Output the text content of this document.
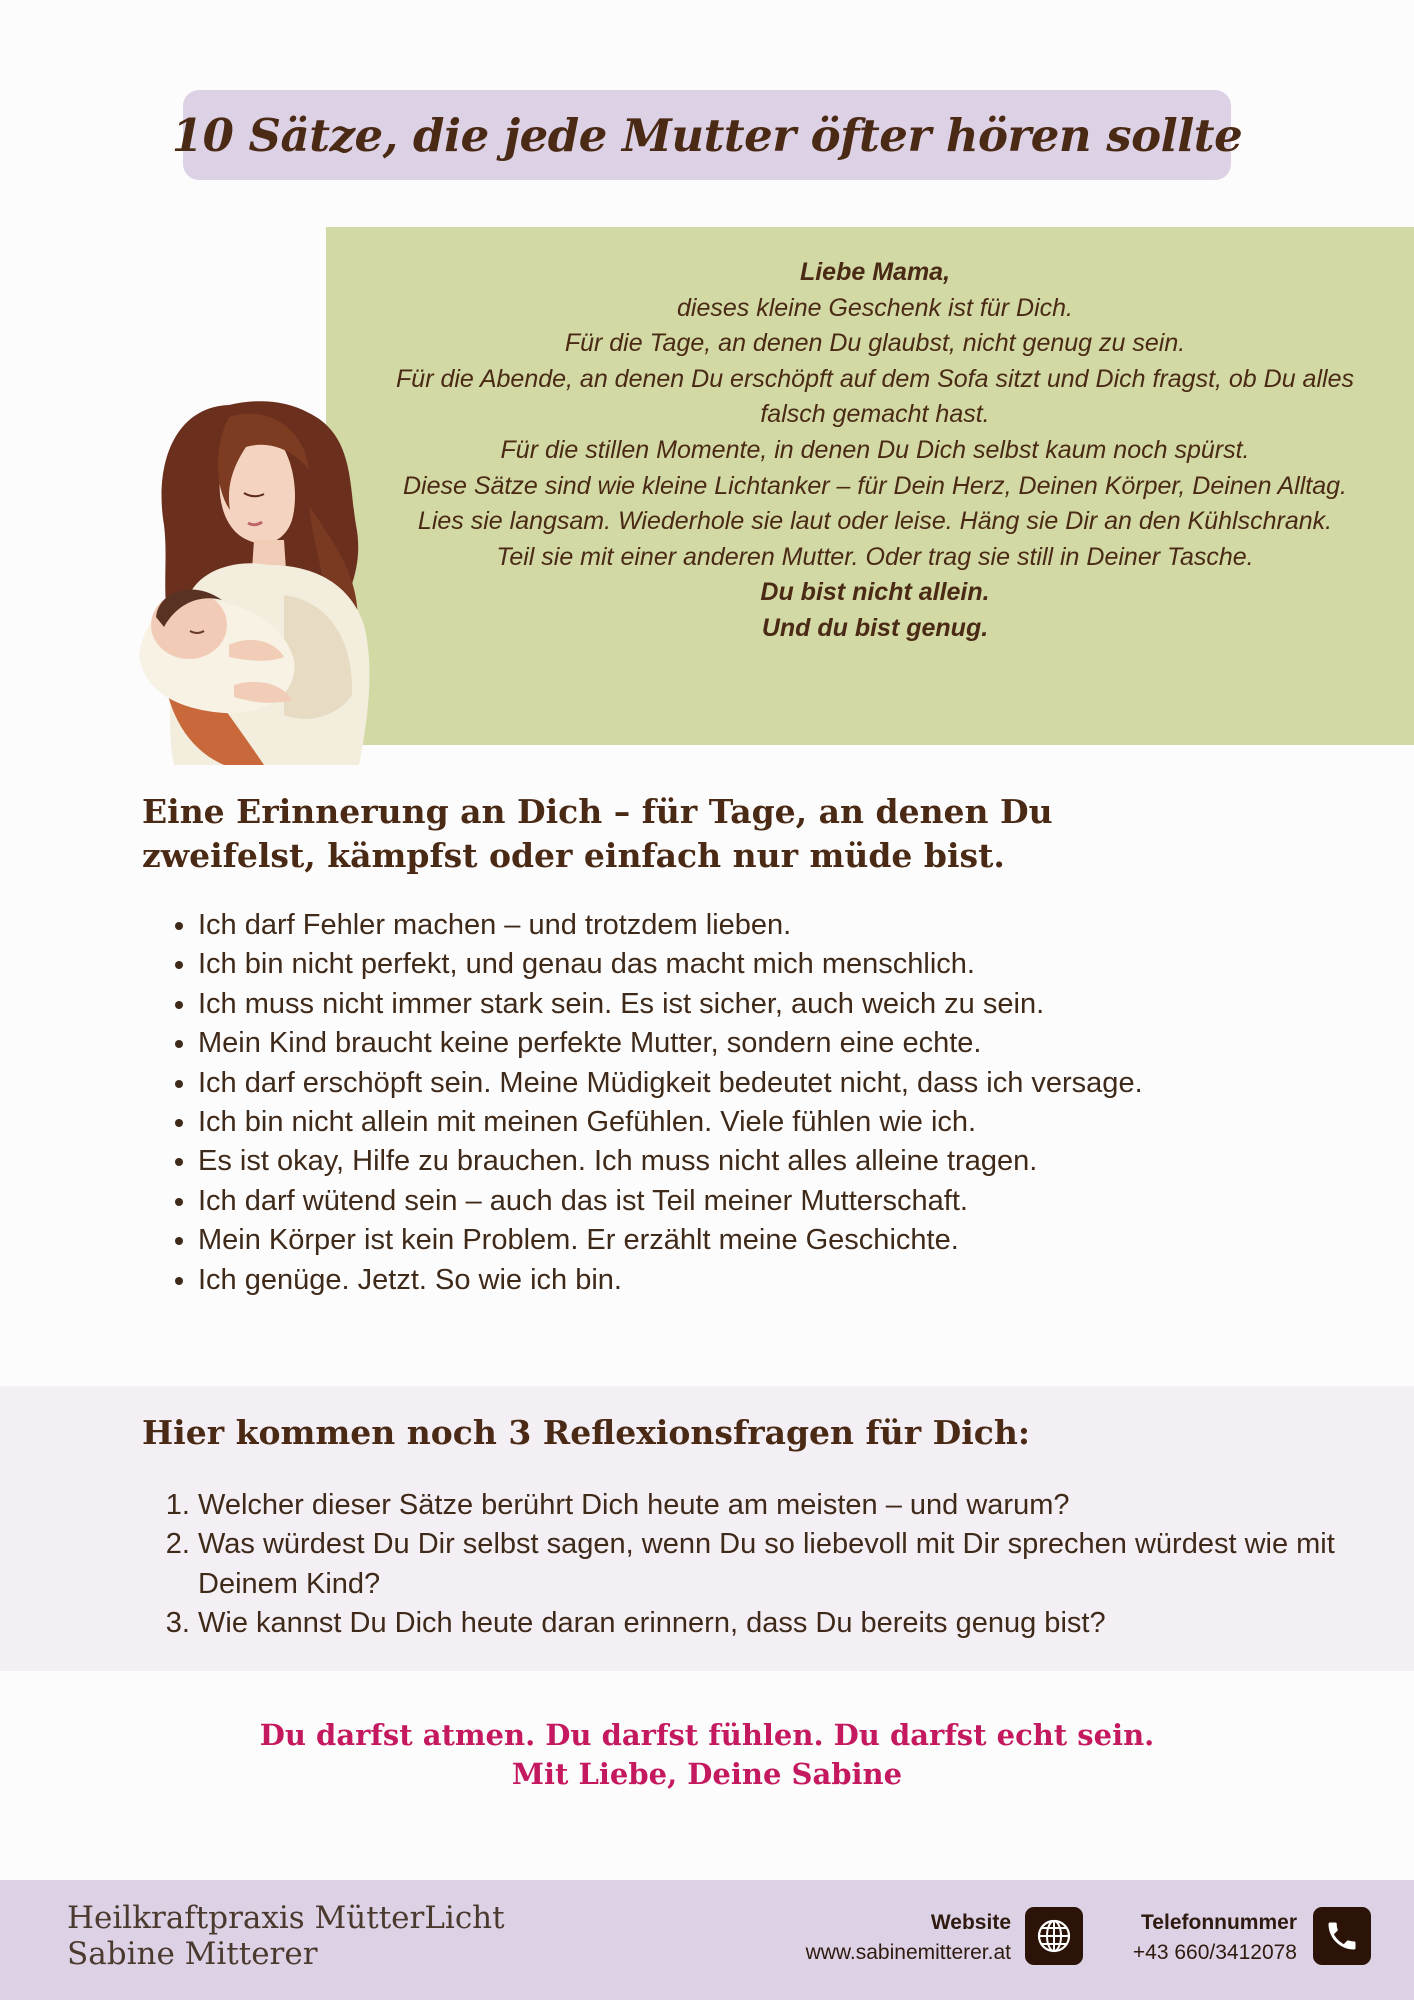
10 Sätze, die jede Mutter öfter hören sollte

Liebe Mama,

dieses kleine Geschenk ist für Dich.

Für die Tage, an denen Du glaubst, nicht genug zu sein.

Für die Abende, an denen Du erschöpft auf dem Sofa sitzt und Dich fragst, ob Du alles falsch gemacht hast.

Für die stillen Momente, in denen Du Dich selbst kaum noch spürst.

Diese Sätze sind wie kleine Lichtanker – für Dein Herz, Deinen Körper, Deinen Alltag.

Lies sie langsam. Wiederhole sie laut oder leise. Häng sie Dir an den Kühlschrank.

Teil sie mit einer anderen Mutter. Oder trag sie still in Deiner Tasche.

Du bist nicht allein.

Und du bist genug.

Eine Erinnerung an Dich – für Tage, an denen Du zweifelst, kämpfst oder einfach nur müde bist.
• Ich darf Fehler machen – und trotzdem lieben.
• Ich bin nicht perfekt, und genau das macht mich menschlich.
• Ich muss nicht immer stark sein. Es ist sicher, auch weich zu sein.
• Mein Kind braucht keine perfekte Mutter, sondern eine echte.
• Ich darf erschöpft sein. Meine Müdigkeit bedeutet nicht, dass ich versage.
• Ich bin nicht allein mit meinen Gefühlen. Viele fühlen wie ich.
• Es ist okay, Hilfe zu brauchen. Ich muss nicht alles alleine tragen.
• Ich darf wütend sein – auch das ist Teil meiner Mutterschaft.
• Mein Körper ist kein Problem. Er erzählt meine Geschichte.
• Ich genüge. Jetzt. So wie ich bin.
Hier kommen noch 3 Reflexionsfragen für Dich:
1. Welcher dieser Sätze berührt Dich heute am meisten – und warum?
2. Was würdest Du Dir selbst sagen, wenn Du so liebevoll mit Dir sprechen würdest wie mit Deinem Kind?
3. Wie kannst Du Dich heute daran erinnern, dass Du bereits genug bist?
Du darfst atmen. Du darfst fühlen. Du darfst echt sein.
Mit Liebe, Deine Sabine
Heilkraftpraxis MütterLicht
Sabine Mitterer
Website
www.sabinemitterer.at
Telefonnummer
+43 660/3412078
